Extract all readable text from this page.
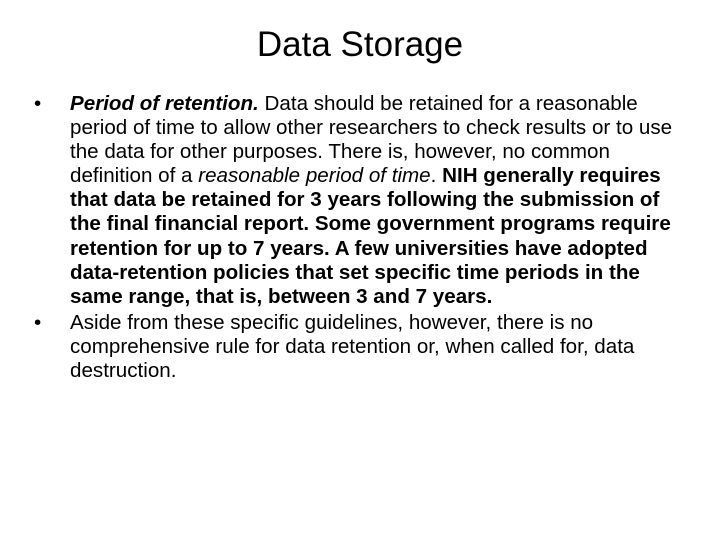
Data Storage
• Period of retention. Data should be retained for a reasonable period of time to allow other researchers to check results or to use the data for other purposes. There is, however, no common definition of a reasonable period of time. NIH generally requires that data be retained for 3 years following the submission of the final financial report. Some government programs require retention for up to 7 years. A few universities have adopted data-retention policies that set specific time periods in the same range, that is, between 3 and 7 years.
• Aside from these specific guidelines, however, there is no comprehensive rule for data retention or, when called for, data destruction.
